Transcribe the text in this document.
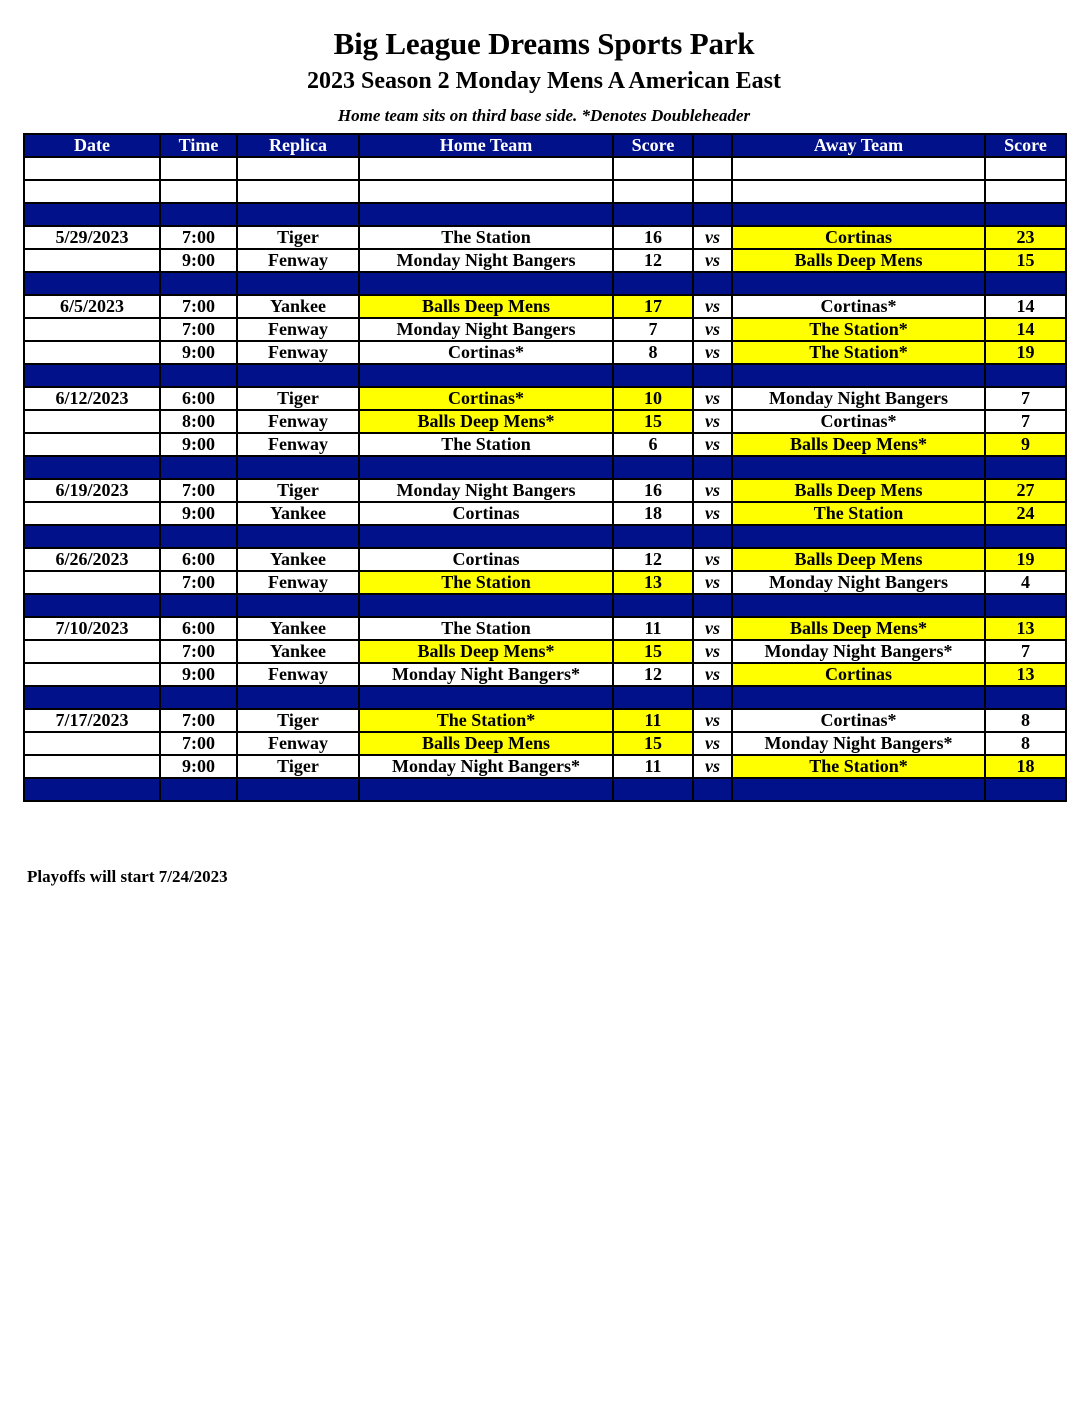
Big League Dreams Sports Park
2023 Season 2 Monday Mens A American East
Home team sits on third base side. *Denotes Doubleheader
Date	Time	Replica	Home Team	Score		Away Team	Score

5/29/2023	7:00	Tiger	The Station	16	vs	Cortinas	23
	9:00	Fenway	Monday Night Bangers	12	vs	Balls Deep Mens	15

6/5/2023	7:00	Yankee	Balls Deep Mens	17	vs	Cortinas*	14
	7:00	Fenway	Monday Night Bangers	7	vs	The Station*	14
	9:00	Fenway	Cortinas*	8	vs	The Station*	19

6/12/2023	6:00	Tiger	Cortinas*	10	vs	Monday Night Bangers	7
	8:00	Fenway	Balls Deep Mens*	15	vs	Cortinas*	7
	9:00	Fenway	The Station	6	vs	Balls Deep Mens*	9

6/19/2023	7:00	Tiger	Monday Night Bangers	16	vs	Balls Deep Mens	27
	9:00	Yankee	Cortinas	18	vs	The Station	24

6/26/2023	6:00	Yankee	Cortinas	12	vs	Balls Deep Mens	19
	7:00	Fenway	The Station	13	vs	Monday Night Bangers	4

7/10/2023	6:00	Yankee	The Station	11	vs	Balls Deep Mens*	13
	7:00	Yankee	Balls Deep Mens*	15	vs	Monday Night Bangers*	7
	9:00	Fenway	Monday Night Bangers*	12	vs	Cortinas	13

7/17/2023	7:00	Tiger	The Station*	11	vs	Cortinas*	8
	7:00	Fenway	Balls Deep Mens	15	vs	Monday Night Bangers*	8
	9:00	Tiger	Monday Night Bangers*	11	vs	The Station*	18

Playoffs will start 7/24/2023
